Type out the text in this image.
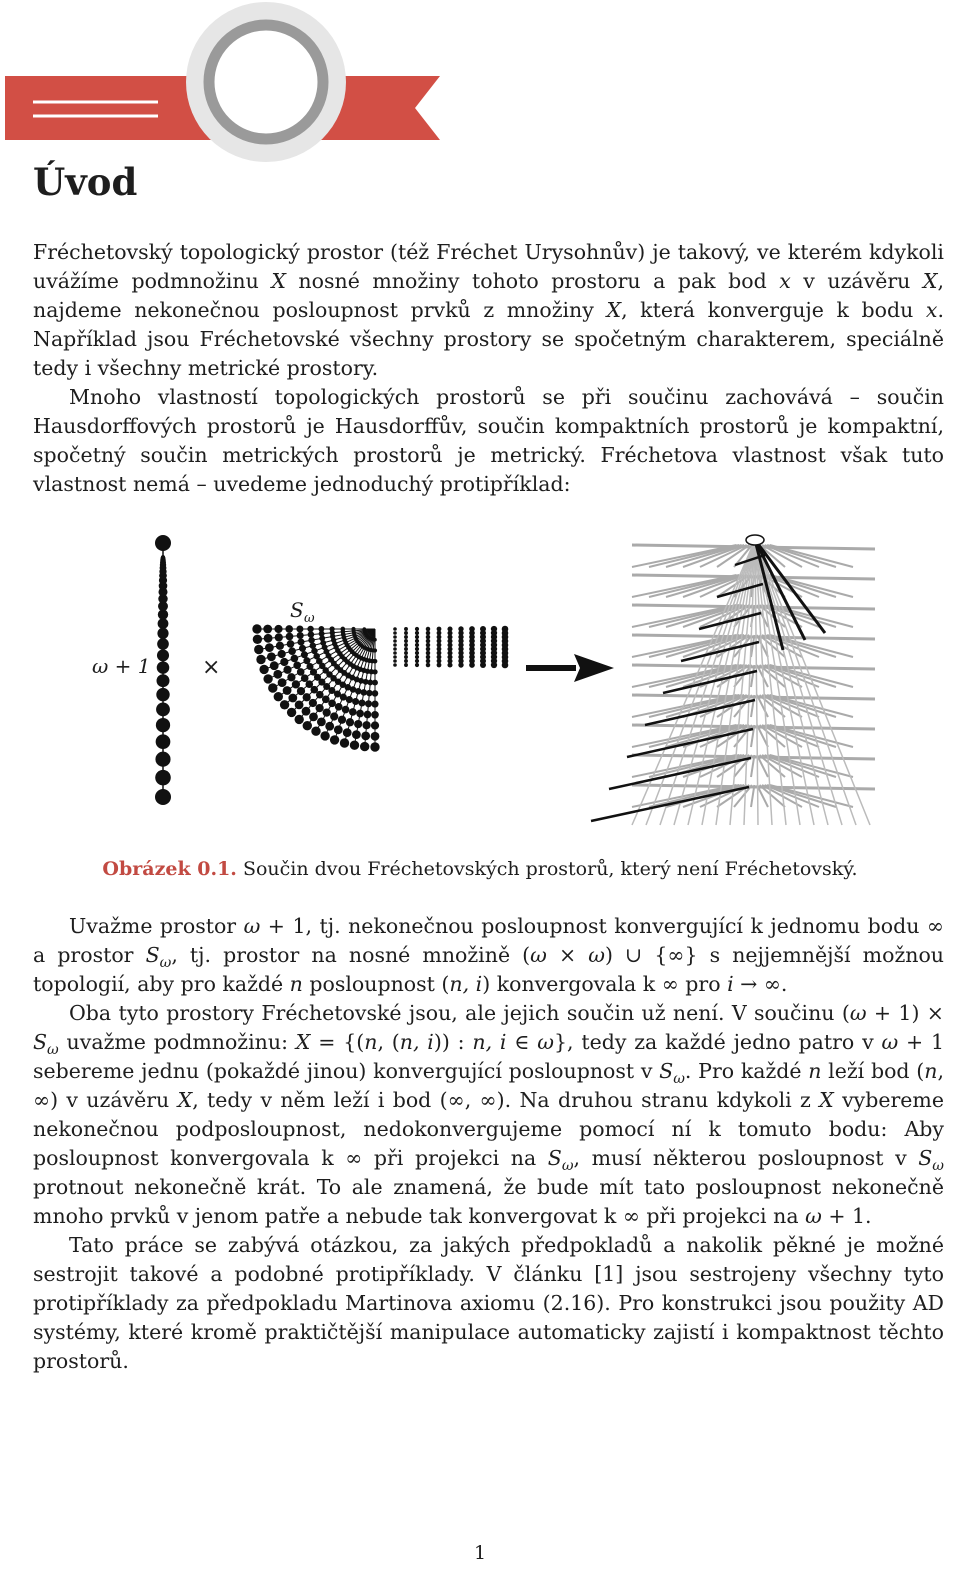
Úvod

Fréchetovský topologický prostor (též Fréchet Urysohnův) je takový, ve kterém kdykoli uvážíme podmnožinu X nosné množiny tohoto prostoru a pak bod x v uzávěru X, najdeme nekonečnou posloupnost prvků z množiny X, která konverguje k bodu x. Například jsou Fréchetovské všechny prostory se spočetným charakterem, speciálně tedy i všechny metrické prostory.

Mnoho vlastností topologických prostorů se při součinu zachovává – součin Hausdorffových prostorů je Hausdorffův, součin kompaktních prostorů je kompaktní, spočetný součin metrických prostorů je metrický. Fréchetova vlastnost však tuto vlastnost nemá – uvedeme jednoduchý protipříklad:

ω + 1 ×
S ω
Obrázek 0.1. Součin dvou Fréchetovských prostorů, který není Fréchetovský.

Uvažme prostor ω + 1, tj. nekonečnou posloupnost konvergující k jednomu bodu ∞ a prostor $S_\omega$, tj. prostor na nosné množině (ω × ω) ∪ {∞} s nejjemnější možnou topologií, aby pro každé n posloupnost (n, i) konvergovala k ∞ pro i → ∞.

Oba tyto prostory Fréchetovské jsou, ale jejich součin už není. V součinu $(\omega + 1) \times S_\omega$ uvažme podmnožinu: X = {(n, (n, i)) : n, i ∈ ω}, tedy za každé jedno patro v ω + 1 sebereme jednu (pokaždé jinou) konvergující posloupnost v $S_\omega$. Pro každé n leží bod (n, ∞) v uzávěru X, tedy v něm leží i bod (∞, ∞). Na druhou stranu kdykoli z X vybereme nekonečnou podposloupnost, nedokonvergujeme pomocí ní k tomuto bodu: Aby posloupnost konvergovala k ∞ při projekci na $S_\omega$, musí některou posloupnost v $S_\omega$ protnout nekonečně krát. To ale znamená, že bude mít tato posloupnost nekonečně mnoho prvků v jenom patře a nebude tak konvergovat k ∞ při projekci na ω + 1.

Tato práce se zabývá otázkou, za jakých předpokladů a nakolik pěkné je možné sestrojit takové a podobné protipříklady. V článku [1] jsou sestrojeny všechny tyto protipříklady za předpokladu Martinova axiomu (2.16). Pro konstrukci jsou použity AD systémy, které kromě praktičtější manipulace automaticky zajistí i kompaktnost těchto prostorů.

1
